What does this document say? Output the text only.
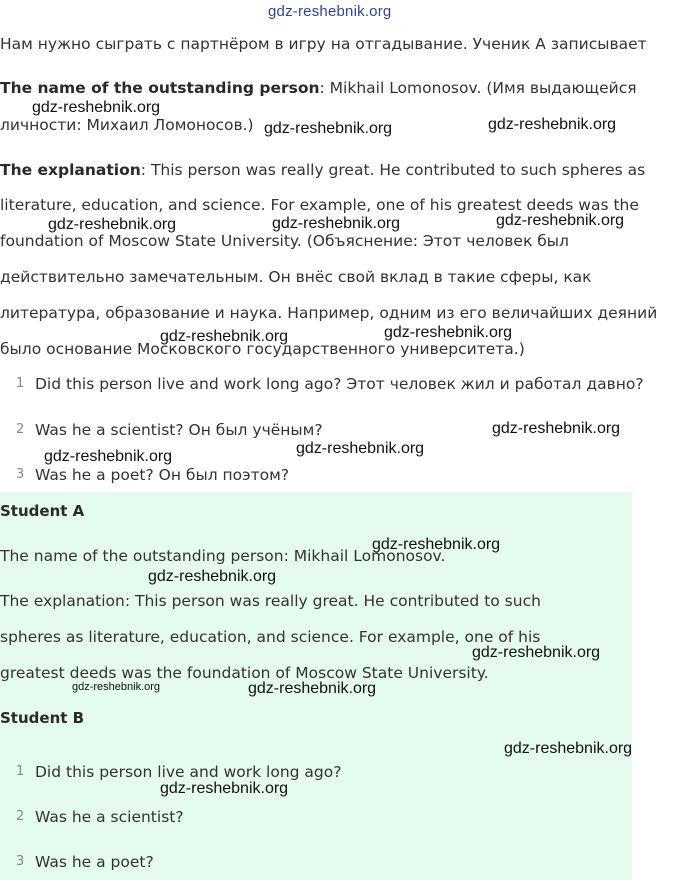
Нам нужно сыграть с партнёром в игру на отгадывание. Ученик А записывает
The name of the outstanding person: Mikhail Lomonosov. (Имя выдающейся
личности: Михаил Ломоносов.)
The explanation: This person was really great. He contributed to such spheres as
literature, education, and science. For example, one of his greatest deeds was the
foundation of Moscow State University. (Объяснение: Этот человек был
действительно замечательным. Он внёс свой вклад в такие сферы, как
литература, образование и наука. Например, одним из его величайших деяний
было основание Московского государственного университета.)
1 Did this person live and work long ago? Этот человек жил и работал давно?
2 Was he a scientist? Он был учёным?
3 Was he a poet? Он был поэтом?
Student A
The name of the outstanding person: Mikhail Lomonosov.
The explanation: This person was really great. He contributed to such
spheres as literature, education, and science. For example, one of his
greatest deeds was the foundation of Moscow State University.
Student B
1 Did this person live and work long ago?
2 Was he a scientist?
3 Was he a poet?
gdz-reshebnik.org
gdz-reshebnik.org
gdz-reshebnik.org	gdz-reshebnik.org
gdz-reshebnik.org	gdz-reshebnik.org	gdz-reshebnik.org
gdz-reshebnik.org	gdz-reshebnik.org
gdz-reshebnik.org
gdz-reshebnik.org
gdz-reshebnik.org
gdz-reshebnik.org
gdz-reshebnik.org
gdz-reshebnik.org
gdz-reshebnik.org	gdz-reshebnik.org
gdz-reshebnik.org
gdz-reshebnik.org
